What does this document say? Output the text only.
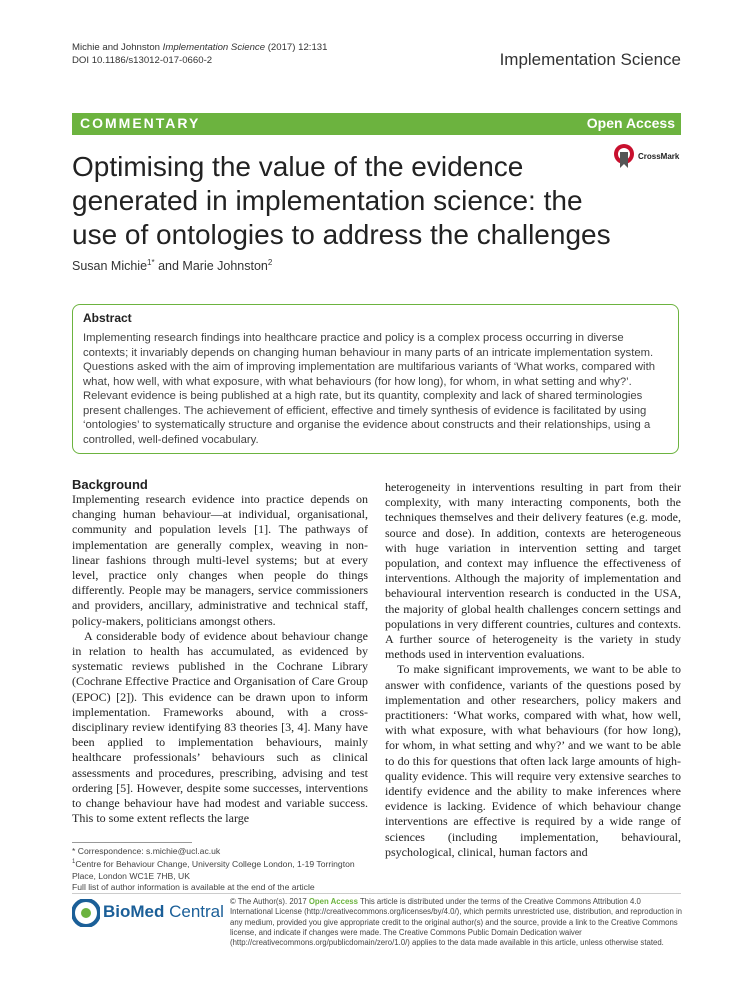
Michie and Johnston Implementation Science (2017) 12:131
DOI 10.1186/s13012-017-0660-2	Implementation Science
COMMENTARY	Open Access
Optimising the value of the evidence generated in implementation science: the use of ontologies to address the challenges
CrossMark
Susan Michie$^{1*}$ and Marie Johnston$^2$
Abstract
Implementing research findings into healthcare practice and policy is a complex process occurring in diverse contexts; it invariably depends on changing human behaviour in many parts of an intricate implementation system. Questions asked with the aim of improving implementation are multifarious variants of ‘What works, compared with what, how well, with what exposure, with what behaviours (for how long), for whom, in what setting and why?’. Relevant evidence is being published at a high rate, but its quantity, complexity and lack of shared terminologies present challenges. The achievement of efficient, effective and timely synthesis of evidence is facilitated by using ‘ontologies’ to systematically structure and organise the evidence about constructs and their relationships, using a controlled, well-defined vocabulary.
Background

Implementing research evidence into practice depends on changing human behaviour—at individual, organisational, community and population levels [1]. The pathways of implementation are generally complex, weaving in non-linear fashions through multi-level systems; but at every level, practice only changes when people do things differently. People may be managers, service commissioners and providers, ancillary, administrative and technical staff, policy-makers, politicians amongst others.

A considerable body of evidence about behaviour change in relation to health has accumulated, as evidenced by systematic reviews published in the Cochrane Library (Cochrane Effective Practice and Organisation of Care Group (EPOC) [2]). This evidence can be drawn upon to inform implementation. Frameworks abound, with a cross-disciplinary review identifying 83 theories [3, 4]. Many have been applied to implementation behaviours, mainly healthcare professionals’ behaviours such as clinical assessments and procedures, prescribing, advising and test ordering [5]. However, despite some successes, interventions to change behaviour have had modest and variable success. This to some extent reflects the large

heterogeneity in interventions resulting in part from their complexity, with many interacting components, both the techniques themselves and their delivery features (e.g. mode, source and dose). In addition, contexts are heterogeneous with huge variation in intervention setting and target population, and context may influence the effectiveness of interventions. Although the majority of implementation and behavioural intervention research is conducted in the USA, the majority of global health challenges concern settings and populations in very different countries, cultures and contexts. A further source of heterogeneity is the variety in study methods used in intervention evaluations.

To make significant improvements, we want to be able to answer with confidence, variants of the questions posed by implementation and other researchers, policy makers and practitioners: ‘What works, compared with what, how well, with what exposure, with what behaviours (for how long), for whom, in what setting and why?’ and we want to be able to do this for questions that often lack large amounts of high-quality evidence. This will require very extensive searches to identify evidence and the ability to make inferences where evidence is lacking. Evidence of which behaviour change interventions are effective is required by a wide range of sciences (including implementation, behavioural, psychological, clinical, human factors and

* Correspondence: s.michie@ucl.ac.uk
$^1$Centre for Behaviour Change, University College London, 1-19 Torrington Place, London WC1E 7HB, UK
Full list of author information is available at the end of the article
BioMed Central
© The Author(s). 2017 Open Access This article is distributed under the terms of the Creative Commons Attribution 4.0 International License (http://creativecommons.org/licenses/by/4.0/), which permits unrestricted use, distribution, and reproduction in any medium, provided you give appropriate credit to the original author(s) and the source, provide a link to the Creative Commons license, and indicate if changes were made. The Creative Commons Public Domain Dedication waiver (http://creativecommons.org/publicdomain/zero/1.0/) applies to the data made available in this article, unless otherwise stated.
